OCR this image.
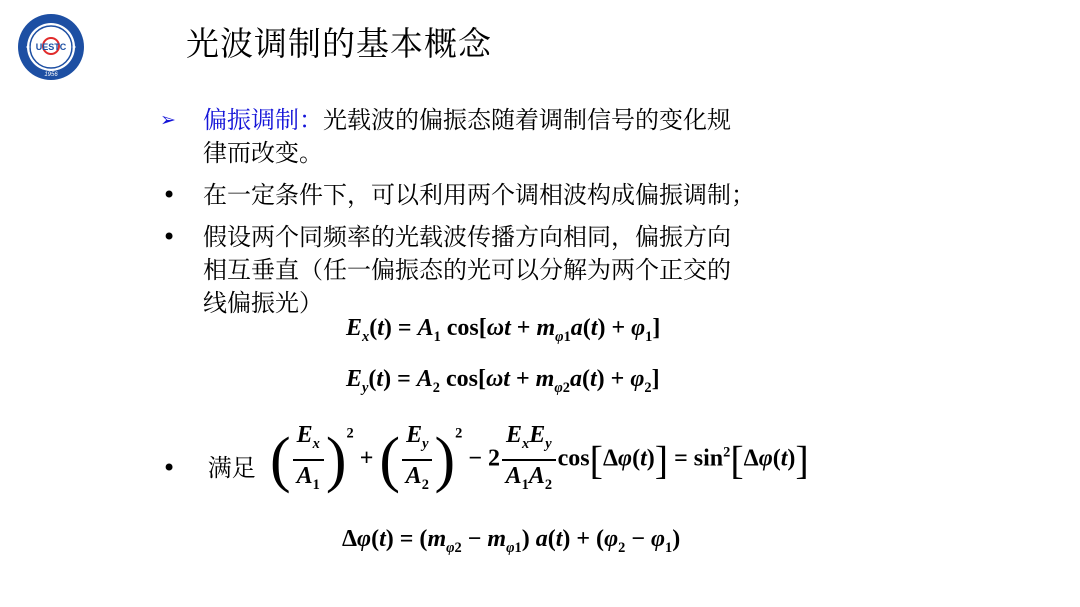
UESTC
1956
光波调制的基本概念
➢	偏振调制：光载波的偏振态随着调制信号的变化规
律而改变。
•	在一定条件下，可以利用两个调相波构成偏振调制；
•	假设两个同频率的光载波传播方向相同，偏振方向
相互垂直（任一偏振态的光可以分解为两个正交的
线偏振光）
$E_x(t) = A_1$ $\cos[\omega t + m_{\varphi 1}a(t) + \varphi_1]$
$E_y(t) = A_2$ $\cos[\omega t + m_{\varphi 2}a(t) + \varphi_2]$
• 满足 ( $\frac{E_x}{A_1} )^2$ + ( $\frac{E_y}{A_2} )^2 - 2 \frac{E_xE_y}{A_1A_2} \cos[\Delta\varphi(t)] = \sin^2[\Delta\varphi(t)]$
$\Delta\varphi(t) = (m_{\varphi 2} - m_{\varphi 1}) a(t) + (\varphi_2 - \varphi_1)$
